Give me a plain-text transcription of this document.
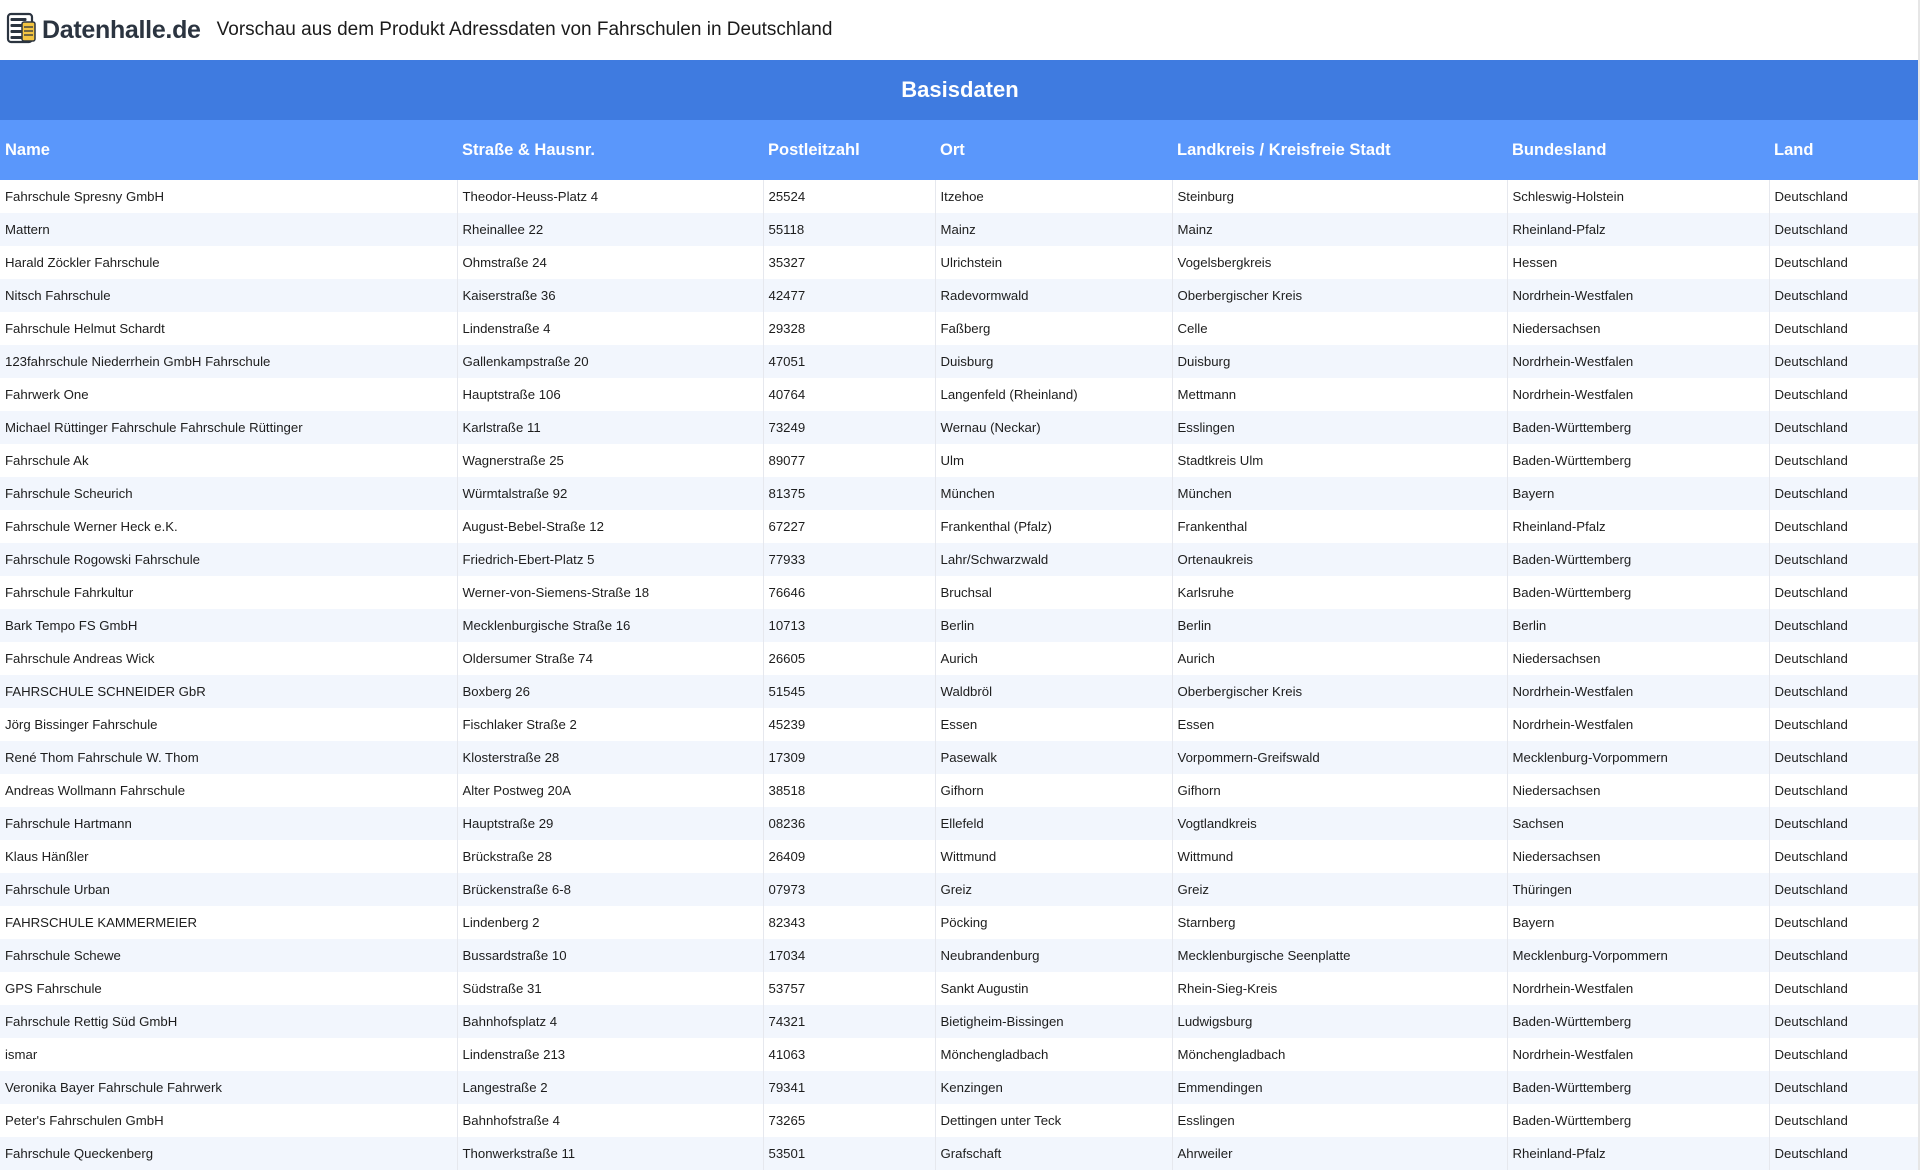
Datenhalle.de Vorschau aus dem Produkt Adressdaten von Fahrschulen in Deutschland
Basisdaten
Name	Straße & Hausnr.	Postleitzahl	Ort	Landkreis / Kreisfreie Stadt	Bundesland	Land
Fahrschule Spresny GmbH	Theodor-Heuss-Platz 4	25524	Itzehoe	Steinburg	Schleswig-Holstein	Deutschland
Mattern	Rheinallee 22	55118	Mainz	Mainz	Rheinland-Pfalz	Deutschland
Harald Zöckler Fahrschule	Ohmstraße 24	35327	Ulrichstein	Vogelsbergkreis	Hessen	Deutschland
Nitsch Fahrschule	Kaiserstraße 36	42477	Radevormwald	Oberbergischer Kreis	Nordrhein-Westfalen	Deutschland
Fahrschule Helmut Schardt	Lindenstraße 4	29328	Faßberg	Celle	Niedersachsen	Deutschland
123fahrschule Niederrhein GmbH Fahrschule	Gallenkampstraße 20	47051	Duisburg	Duisburg	Nordrhein-Westfalen	Deutschland
Fahrwerk One	Hauptstraße 106	40764	Langenfeld (Rheinland)	Mettmann	Nordrhein-Westfalen	Deutschland
Michael Rüttinger Fahrschule Fahrschule Rüttinger	Karlstraße 11	73249	Wernau (Neckar)	Esslingen	Baden-Württemberg	Deutschland
Fahrschule Ak	Wagnerstraße 25	89077	Ulm	Stadtkreis Ulm	Baden-Württemberg	Deutschland
Fahrschule Scheurich	Würmtalstraße 92	81375	München	München	Bayern	Deutschland
Fahrschule Werner Heck e.K.	August-Bebel-Straße 12	67227	Frankenthal (Pfalz)	Frankenthal	Rheinland-Pfalz	Deutschland
Fahrschule Rogowski Fahrschule	Friedrich-Ebert-Platz 5	77933	Lahr/Schwarzwald	Ortenaukreis	Baden-Württemberg	Deutschland
Fahrschule Fahrkultur	Werner-von-Siemens-Straße 18	76646	Bruchsal	Karlsruhe	Baden-Württemberg	Deutschland
Bark Tempo FS GmbH	Mecklenburgische Straße 16	10713	Berlin	Berlin	Berlin	Deutschland
Fahrschule Andreas Wick	Oldersumer Straße 74	26605	Aurich	Aurich	Niedersachsen	Deutschland
FAHRSCHULE SCHNEIDER GbR	Boxberg 26	51545	Waldbröl	Oberbergischer Kreis	Nordrhein-Westfalen	Deutschland
Jörg Bissinger Fahrschule	Fischlaker Straße 2	45239	Essen	Essen	Nordrhein-Westfalen	Deutschland
René Thom Fahrschule W. Thom	Klosterstraße 28	17309	Pasewalk	Vorpommern-Greifswald	Mecklenburg-Vorpommern	Deutschland
Andreas Wollmann Fahrschule	Alter Postweg 20A	38518	Gifhorn	Gifhorn	Niedersachsen	Deutschland
Fahrschule Hartmann	Hauptstraße 29	08236	Ellefeld	Vogtlandkreis	Sachsen	Deutschland
Klaus Hänßler	Brückstraße 28	26409	Wittmund	Wittmund	Niedersachsen	Deutschland
Fahrschule Urban	Brückenstraße 6-8	07973	Greiz	Greiz	Thüringen	Deutschland
FAHRSCHULE KAMMERMEIER	Lindenberg 2	82343	Pöcking	Starnberg	Bayern	Deutschland
Fahrschule Schewe	Bussardstraße 10	17034	Neubrandenburg	Mecklenburgische Seenplatte	Mecklenburg-Vorpommern	Deutschland
GPS Fahrschule	Südstraße 31	53757	Sankt Augustin	Rhein-Sieg-Kreis	Nordrhein-Westfalen	Deutschland
Fahrschule Rettig Süd GmbH	Bahnhofsplatz 4	74321	Bietigheim-Bissingen	Ludwigsburg	Baden-Württemberg	Deutschland
ismar	Lindenstraße 213	41063	Mönchengladbach	Mönchengladbach	Nordrhein-Westfalen	Deutschland
Veronika Bayer Fahrschule Fahrwerk	Langestraße 2	79341	Kenzingen	Emmendingen	Baden-Württemberg	Deutschland
Peter's Fahrschulen GmbH	Bahnhofstraße 4	73265	Dettingen unter Teck	Esslingen	Baden-Württemberg	Deutschland
Fahrschule Queckenberg	Thonwerkstraße 11	53501	Grafschaft	Ahrweiler	Rheinland-Pfalz	Deutschland
